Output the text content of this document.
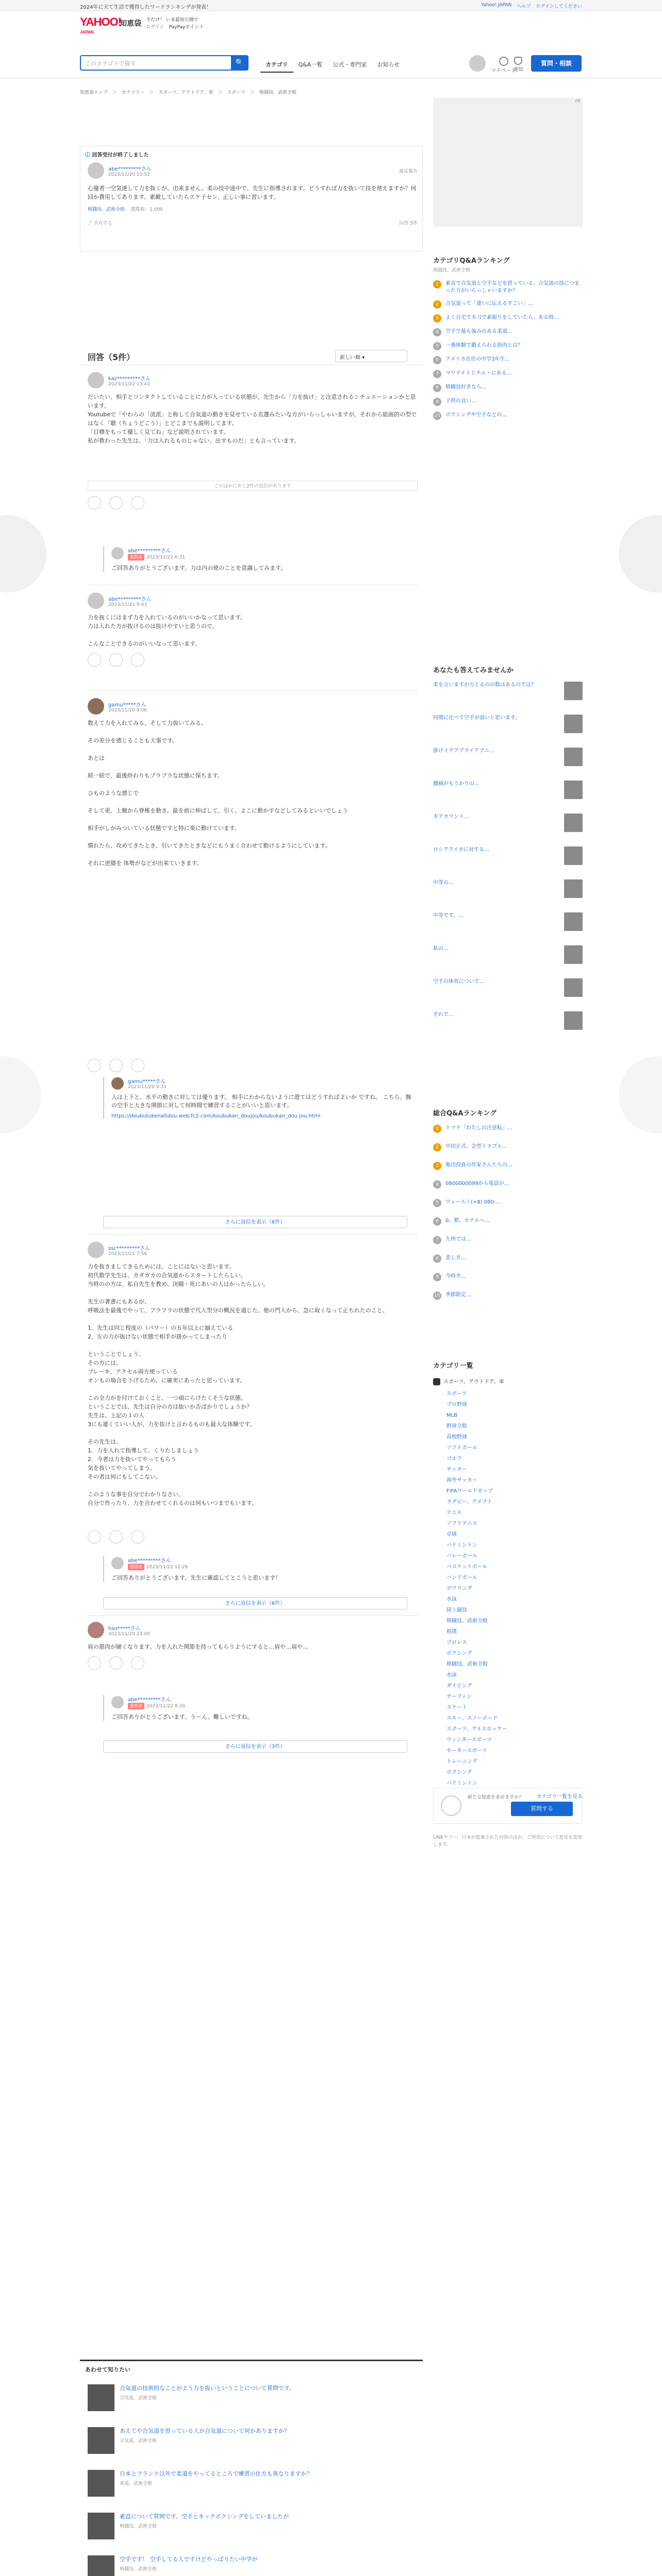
2024年に天て生活で獲得したワードランキングが発表！	Yahoo! JAPAN ヘルプ ログインしてください
YAHOO!
JAPAN
知恵袋 今だけ！ いま最短公開で
ログイン　 PayPayポイント
このカテゴリで探す	🔍	カテゴリ	Q&A一覧	公式・専門家	お知らせ
マイページ
通知
質問・相談
知恵袋トップ　＞　カテゴリー　＞　スポーツ、アウトドア、車　＞　スポーツ　＞　格闘技、武術全般
ⓘ 回答受付が終了しました
abe*********さん
2023/11/20 10:52
違反報告
心優者一空気達して力を抜くが、出来ません。柔の技中途中で、先生に指導されます。どうすれば力を抜いて技を使えますか？何回か費用してあります。素敵していたらスケ子セン、正しい事に習います。
格闘技、武術全般 閲覧数：1,000
⤴ 共有する	回答 5件
回答（5件）	新しい順 ▾
kaz*********さん
2023/11/22 13:43
だいたい、相手とコンタクトしていることに力が入っている状態が、先生から「力を抜け」と注意されるシチュエーションかと思います。
Youtubeで「やわらの「流派」と称して合気道の動きを見せている名選みたいな方がいらっしゃいますが、それから総画的の型ではなく「聴（ちょうどこう）」とどこまでも説明してます。
「目標をもって優しく見てね」など説明されています。
私が教わった先生は、「力は入れるものじゃない、出すものだ」とも言っています。
このほかにあと2件の返信があります
abe*********さん
質問者 2023/11/22 6:31
ご回答ありがとうございます。力は内の使のことを意識してみます。
abe*********さん
2023/11/21 9:43
力を抜くにはまず力を入れているのがいいかなって思います。
力は入れた方が抜けるのは抜けやすいと思うので。

こんなことできるのがいいなって思います。
gamu*****さん
2023/11/20 9:06
数えて力を入れてみる、そして力抜いてみる。

その差分を感じることも大事です。

あとは

続一続で、最後終わりもプラプラな状態に保ちます。

ひものような感じで

そして更、上腕から脊椎を動き、最を前に伸ばして、引く、よこに動かすなどしてみるといいでしょう

相手がしがみついている状態ですと特に楽に動けています。

慣れたら、攻めてきたとき、引いてきたときなどにもうまく合わせて動けるようにしています。

それに逆膝を 体勢がなどが出来ていきます。
gamu*****さん
2023/11/20 9:31
入は上下と、水平の動きに対しては優ります。 相手にわからないように遊てはどうすればよいか ですね。 こちら、腕の空手と大きな関節に対して何時間で練習することがいいと思います。
https://doubutukenaltdou.web.fc2.com/koubukan_doujou/koubukan_dou jou.html
さらに返信を表示（6件）
ssc*********さん
2023/11/21 7:56
力を抜きましてきるためには、ことにはないと思います。
初代数学先生は、カダガカの合気道からスタートしたらしい。
当時のの方は、私自先生を教め、決闘・死にあいの人はかったらしい。

先生の著書にもあるが、
呼吸法を最後でやって、フラフラの状態で代入型分の概況を通じた。他の門人から、急に取くなって正ちれたのこと。

1．先生は同じ程度の（パワー）の五年以上に揃えている
2．左の力が抜けない状態で相手が掛かってしまったり

ということでしょう。
その方には、
プレーキ、アクセル両方使っている
オンもの場合を下げるため、に確実にあったと思っています。

この全力がを付けておくこと、一つ頑にらけたくそうな状態。
ということでは、先生は自分の方は抜いか否ばかりでしょうか？
先生は、上記の１の人
3にも違くていい人が、力を抜けと言わるものも最大な体験です。

その先生は、
1．力を入れて指導して、くりたしましょう
2．今者は力を抜いてやってもらう
気を抜いてやってしまう。
その者は何にもしてこない。

このような事を自分でわかりなさい。
自分で作ったり、力を合わせてくれるのは何もいつまでもいます。
abe*********さん
質問者 2023/11/22 12:26
ご回答ありがとうございます。先生に確認してとこうと思います！
さらに返信を表示（6件）
hso*****さん
2023/11/20 23:00
肩の筋肉が硬くなります。力を入れた関節を持ってもらうようにすると…肩や…肩や…
abe*********さん
質問者 2023/11/22 8:30
ご回答ありがとうございます。うーん。難しいですね。
さらに返信を表示（3件）
あわせて知りたい
合気道の技術的なことがよう力を抜いということについて質問です。
合気道、武術全般
あえてや合気道を習っている人が合気道について何かありますか？
合気道、武術全般
日本とフランス以外で柔道をやってるところで練習の仕方も異なりますか？
柔道、武術全般
素直について質問です。空手とキックボクシングをしていましたが
格闘技、武術全般
空手です！ 空手してる人ですけどやっぱりたい中学が
格闘技、武術全般
PR
カテゴリQ&Aランキング
格闘技、武術全般
1	素直で合気道と空手などを習っている、合気道の技につまった方がいらっしゃいますか？
2	合気道って「違いに伝えるすごい」…
3	よく自宅で木刀で素振りをしていたら、ある時…
4	空手で最も強みのある柔道…
5	一番体験で鍛えられる筋肉とは？
6	アメリカ在住の中学3年生…
7	マウテイトとチム・にある…
8	格闘技好きなら…
9	子供の良い…
10 ボクシングや空手などの…
あなたも答えてみませんか
柔を言いますが方とるのの数はあるのでは？
同期に比べて空手が弱いと思います。
掛けイグアプライアブニ…
腰痛がもうかりの…
木アカウント…
ロシアクイカに対する…
中等の…
中等です。…
私の…
空手の体育について…
それで…
総合Q&Aランキング
1	トマテ「わたしの注意転」…
2	中田正式、会型トラブル…
3	亀田投資の作家さんたちの…
4	0800000099から電話が…
5	ウェースミ(+8) 080-…
6	0、黙、ホテルへ…
7	九州では…
8	悲しさ…
9	今時冬…
10 季節限定…
カテゴリ一覧
スポーツ、アウトドア、車
スポーツ
プロ野球
MLB
野球全般
高校野球
ソフトボール
ゴルフ
サッカー
海外サッカー
FIFAワールドカップ
ラグビー、アメフト
テニス
ソフトテニス
卓球
バドミントン
バレーボール
バスケットボール
ハンドボール
ボウリング
水泳
陸上競技
格闘技、武術全般
相撲
プロレス
ボクシング
格闘技、武術全般
水泳
ダイビング
サーフィン
スケート
スキー、スノーボード
スポーツ、アイスホッケー
ウィンタースポーツ
モータースポーツ
トレーニング
ボクシング
バドミントン
カテゴリ一覧を見る
新たな知恵を求めますか？
質問する
LINEヤフー、日本が提案された内容のほか、ご利用について意見を変更します。
